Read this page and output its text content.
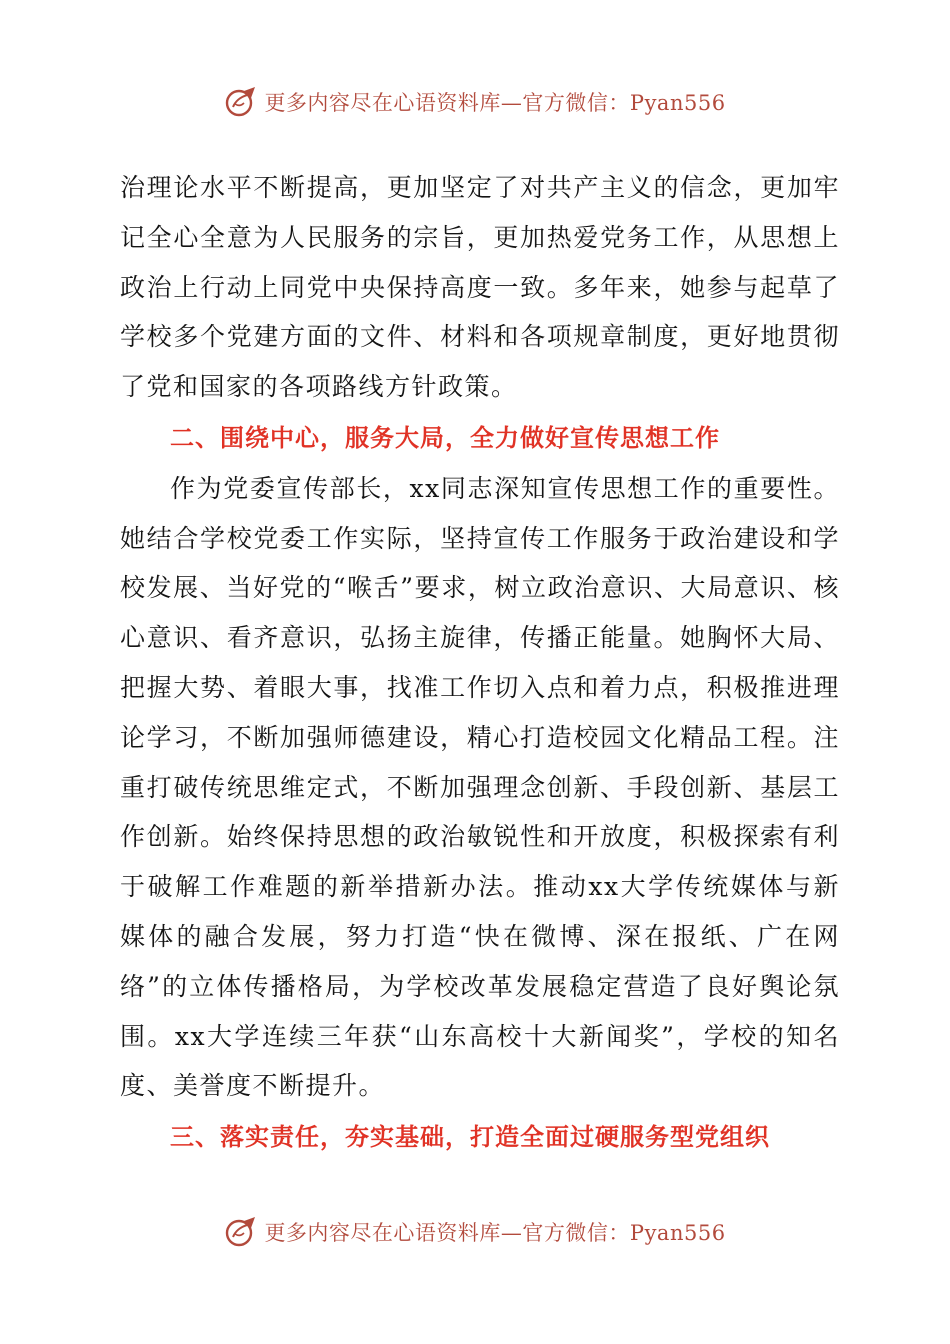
更多内容尽在心语资料库—官方微信：Pyan556

治理论水平不断提高，更加坚定了对共产主义的信念，更加牢记全心全意为人民服务的宗旨，更加热爱党务工作，从思想上政治上行动上同党中央保持高度一致。多年来，她参与起草了学校多个党建方面的文件、材料和各项规章制度，更好地贯彻了党和国家的各项路线方针政策。

二、围绕中心，服务大局，全力做好宣传思想工作

作为党委宣传部长，xx同志深知宣传思想工作的重要性。她结合学校党委工作实际，坚持宣传工作服务于政治建设和学校发展、当好党的“喉舌”要求，树立政治意识、大局意识、核心意识、看齐意识，弘扬主旋律，传播正能量。她胸怀大局、把握大势、着眼大事，找准工作切入点和着力点，积极推进理论学习，不断加强师德建设，精心打造校园文化精品工程。注重打破传统思维定式，不断加强理念创新、手段创新、基层工作创新。始终保持思想的政治敏锐性和开放度，积极探索有利于破解工作难题的新举措新办法。推动xx大学传统媒体与新媒体的融合发展，努力打造“快在微博、深在报纸、广在网络”的立体传播格局，为学校改革发展稳定营造了良好舆论氛围。xx大学连续三年获“山东高校十大新闻奖”，学校的知名度、美誉度不断提升。

三、落实责任，夯实基础，打造全面过硬服务型党组织

更多内容尽在心语资料库—官方微信：Pyan556
